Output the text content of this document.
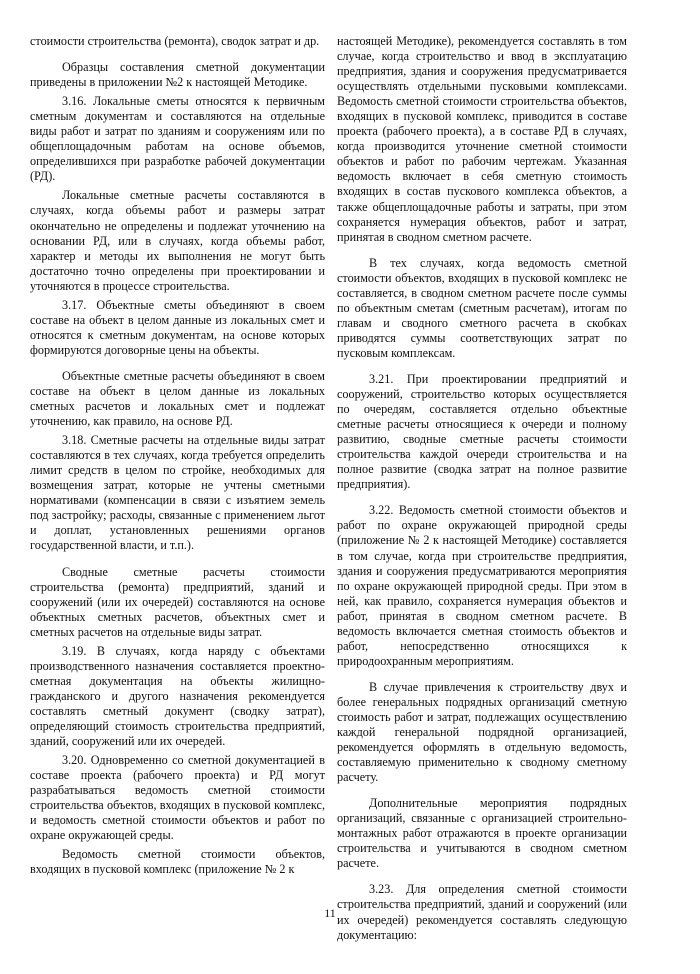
стоимости строительства (ремонта), сводок затрат и др.

Образцы составления сметной документации приведены в приложении №2 к настоящей Методике.

3.16. Локальные сметы относятся к первичным сметным документам и составляются на отдельные виды работ и затрат по зданиям и сооружениям или по общеплощадочным работам на основе объемов, определившихся при разработке рабочей документации (РД).

Локальные сметные расчеты составляются в случаях, когда объемы работ и размеры затрат окончательно не определены и подлежат уточнению на основании РД, или в случаях, когда объемы работ, характер и методы их выполнения не могут быть достаточно точно определены при проектировании и уточняются в процессе строительства.

3.17. Объектные сметы объединяют в своем составе на объект в целом данные из локальных смет и относятся к сметным документам, на основе которых формируются договорные цены на объекты.

Объектные сметные расчеты объединяют в своем составе на объект в целом данные из локальных сметных расчетов и локальных смет и подлежат уточнению, как правило, на основе РД.

3.18. Сметные расчеты на отдельные виды затрат составляются в тех случаях, когда требуется определить лимит средств в целом по стройке, необходимых для возмещения затрат, которые не учтены сметными нормативами (компенсации в связи с изъятием земель под застройку; расходы, связанные с применением льгот и доплат, установленных решениями органов государственной власти, и т.п.).

Сводные сметные расчеты стоимости строительства (ремонта) предприятий, зданий и сооружений (или их очередей) составляются на основе объектных сметных расчетов, объектных смет и сметных расчетов на отдельные виды затрат.

3.19. В случаях, когда наряду с объектами производственного назначения составляется проектно-сметная документация на объекты жилищно-гражданского и другого назначения рекомендуется составлять сметный документ (сводку затрат), определяющий стоимость строительства предприятий, зданий, сооружений или их очередей.

3.20. Одновременно со сметной документацией в составе проекта (рабочего проекта) и РД могут разрабатываться ведомость сметной стоимости строительства объектов, входящих в пусковой комплекс, и ведомость сметной стоимости объектов и работ по охране окружающей среды.

Ведомость сметной стоимости объектов, входящих в пусковой комплекс (приложение № 2 к

настоящей Методике), рекомендуется составлять в том случае, когда строительство и ввод в эксплуатацию предприятия, здания и сооружения предусматривается осуществлять отдельными пусковыми комплексами. Ведомость сметной стоимости строительства объектов, входящих в пусковой комплекс, приводится в составе проекта (рабочего проекта), а в составе РД в случаях, когда производится уточнение сметной стоимости объектов и работ по рабочим чертежам. Указанная ведомость включает в себя сметную стоимость входящих в состав пускового комплекса объектов, а также общеплощадочные работы и затраты, при этом сохраняется нумерация объектов, работ и затрат, принятая в сводном сметном расчете.

В тех случаях, когда ведомость сметной стоимости объектов, входящих в пусковой комплекс не составляется, в сводном сметном расчете после суммы по объектным сметам (сметным расчетам), итогам по главам и сводного сметного расчета в скобках приводятся суммы соответствующих затрат по пусковым комплексам.

3.21. При проектировании предприятий и сооружений, строительство которых осуществляется по очередям, составляется отдельно объектные сметные расчеты относящиеся к очереди и полному развитию, сводные сметные расчеты стоимости строительства каждой очереди строительства и на полное развитие (сводка затрат на полное развитие предприятия).

3.22. Ведомость сметной стоимости объектов и работ по охране окружающей природной среды (приложение № 2 к настоящей Методике) составляется в том случае, когда при строительстве предприятия, здания и сооружения предусматриваются мероприятия по охране окружающей природной среды. При этом в ней, как правило, сохраняется нумерация объектов и работ, принятая в сводном сметном расчете. В ведомость включается сметная стоимость объектов и работ, непосредственно относящихся к природоохранным мероприятиям.

В случае привлечения к строительству двух и более генеральных подрядных организаций сметную стоимость работ и затрат, подлежащих осуществлению каждой генеральной подрядной организацией, рекомендуется оформлять в отдельную ведомость, составляемую применительно к сводному сметному расчету.

Дополнительные мероприятия подрядных организаций, связанные с организацией строительно-монтажных работ отражаются в проекте организации строительства и учитываются в сводном сметном расчете.

3.23. Для определения сметной стоимости строительства предприятий, зданий и сооружений (или их очередей) рекомендуется составлять следующую документацию:

11
